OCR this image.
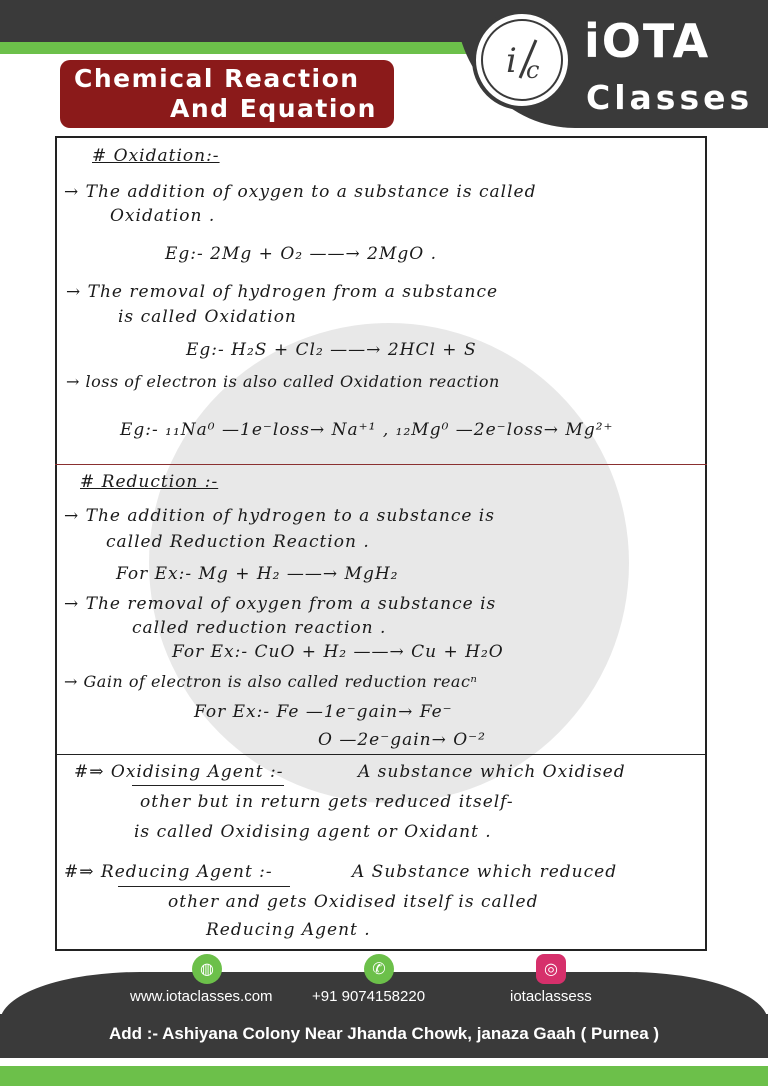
Chemical Reaction
And Equation
i c
iOTA
Classes
# Oxidation:-
→ The addition of oxygen to a substance is called
Oxidation .
Eg:- 2Mg + O₂ ——→ 2MgO .
→ The removal of hydrogen from a substance
is called Oxidation
Eg:- H₂S + Cl₂ ——→ 2HCl + S
→ loss of electron is also called Oxidation reaction
Eg:- ₁₁Na⁰ —1e⁻loss→ Na⁺¹ , ₁₂Mg⁰ —2e⁻loss→ Mg²⁺
# Reduction :-
→ The addition of hydrogen to a substance is
called Reduction Reaction .
For Ex:- Mg + H₂ ——→ MgH₂
→ The removal of oxygen from a substance is
called reduction reaction .
For Ex:- CuO + H₂ ——→ Cu + H₂O
→ Gain of electron is also called reduction reacⁿ
For Ex:- Fe —1e⁻gain→ Fe⁻
O —2e⁻gain→ O⁻²
#⇒ Oxidising Agent :-	A substance which Oxidised
other but in return gets reduced itself-
is called Oxidising agent or Oxidant .
#⇒ Reducing Agent :-	A Substance which reduced
other and gets Oxidised itself is called
Reducing Agent .
◍	✆	◎
www.iotaclasses.com	+91 9074158220	iotaclassess
Add :- Ashiyana Colony Near Jhanda Chowk, janaza Gaah ( Purnea )
